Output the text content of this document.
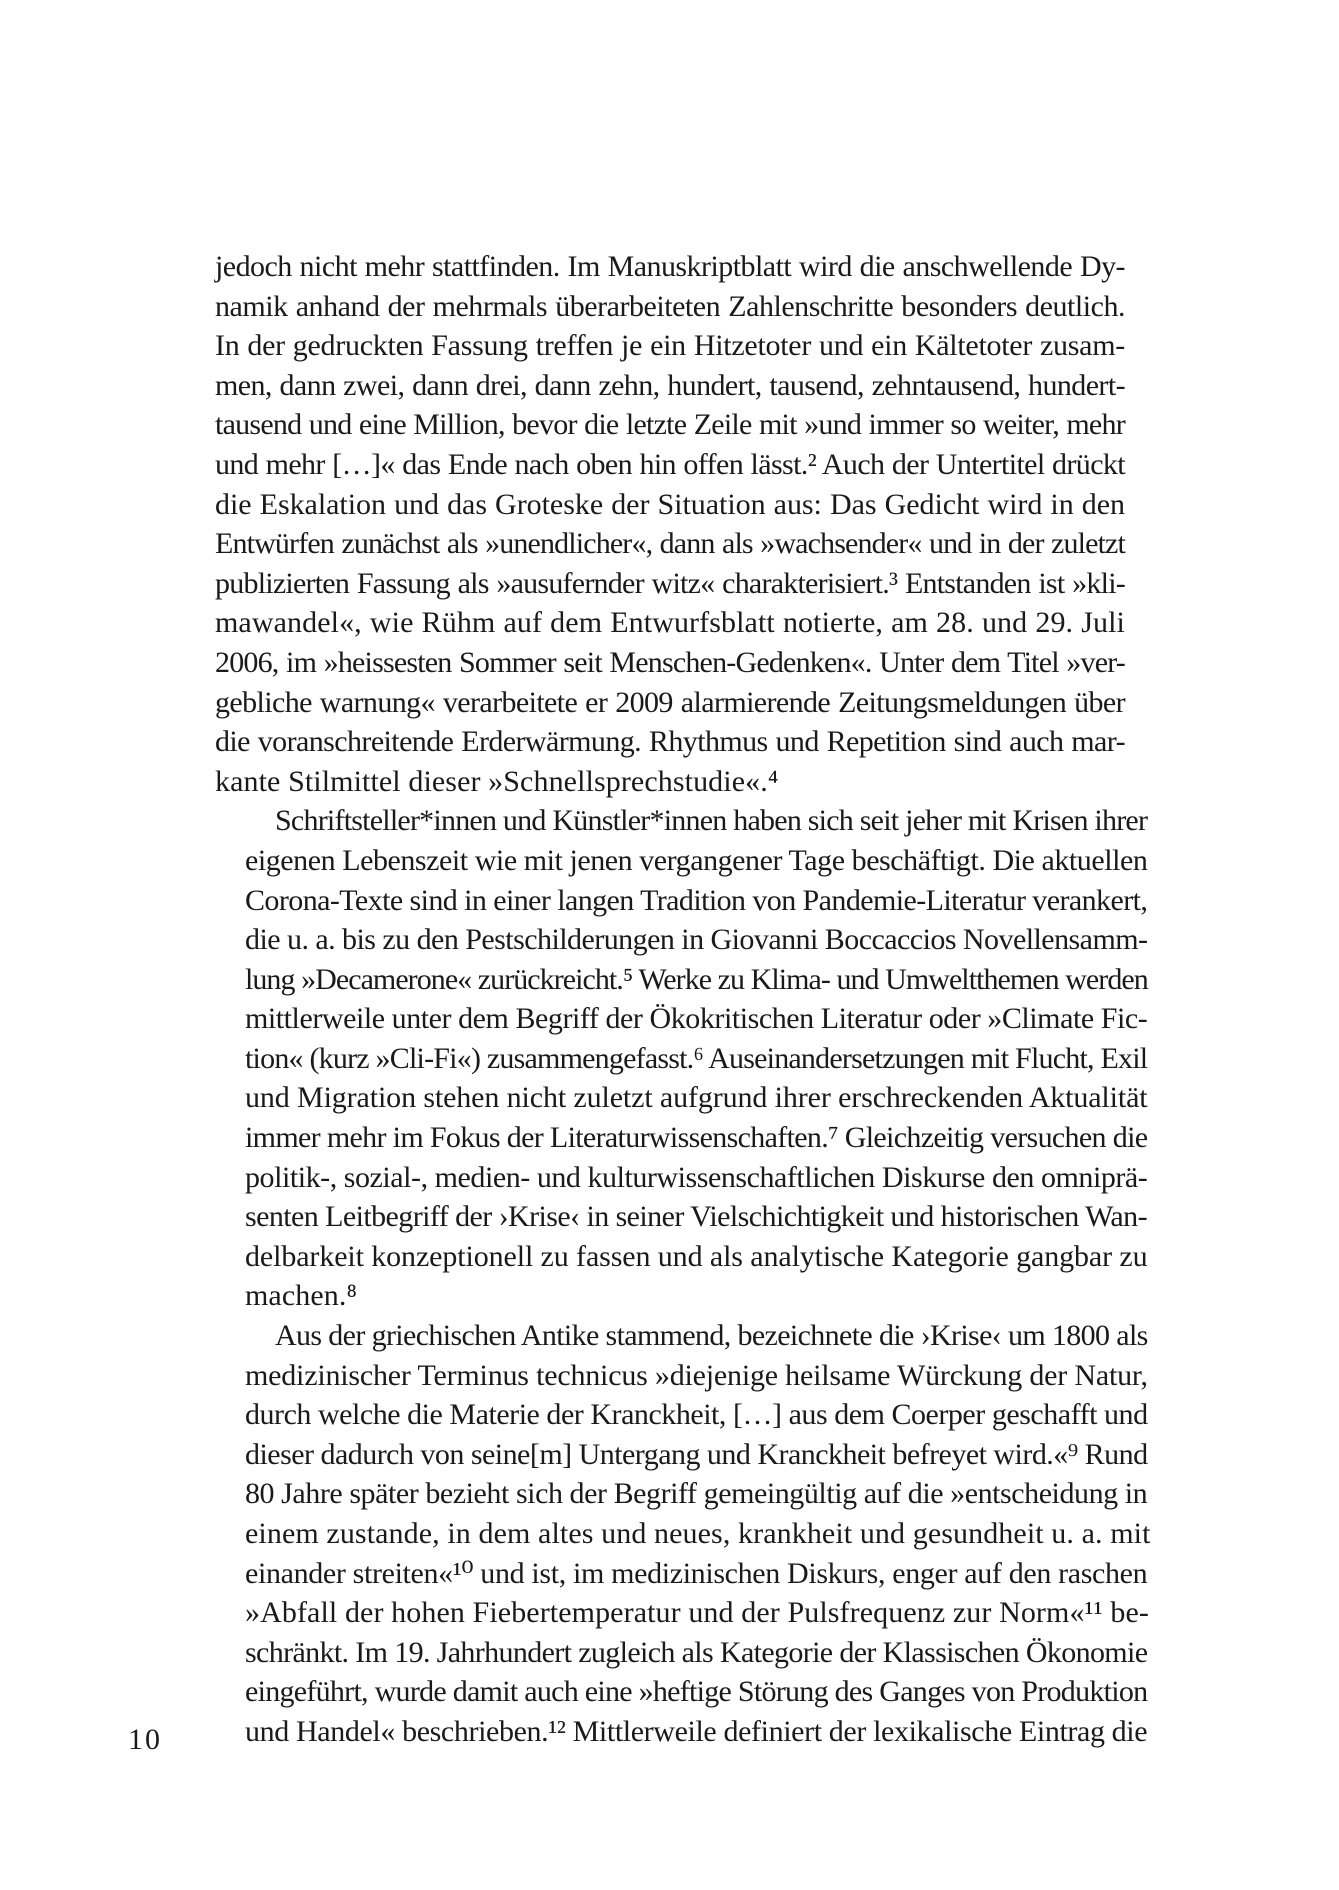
jedoch nicht mehr stattfinden. Im Manuskriptblatt wird die anschwellende Dy-
namik anhand der mehrmals überarbeiteten Zahlenschritte besonders deutlich.
In der gedruckten Fassung treffen je ein Hitzetoter und ein Kältetoter zusam-
men, dann zwei, dann drei, dann zehn, hundert, tausend, zehntausend, hundert-
tausend und eine Million, bevor die letzte Zeile mit »und immer so weiter, mehr
und mehr […]« das Ende nach oben hin offen lässt.² Auch der Untertitel drückt
die Eskalation und das Groteske der Situation aus: Das Gedicht wird in den
Entwürfen zunächst als »unendlicher«, dann als »wachsender« und in der zuletzt
publizierten Fassung als »ausufernder witz« charakterisiert.³ Entstanden ist »kli-
mawandel«, wie Rühm auf dem Entwurfsblatt notierte, am 28. und 29. Juli
2006, im »heissesten Sommer seit Menschen-Gedenken«. Unter dem Titel »ver-
gebliche warnung« verarbeitete er 2009 alarmierende Zeitungsmeldungen über
die voranschreitende Erderwärmung. Rhythmus und Repetition sind auch mar-
kante Stilmittel dieser »Schnellsprechstudie«.⁴
Schriftsteller*innen und Künstler*innen haben sich seit jeher mit Krisen ihrer
eigenen Lebenszeit wie mit jenen vergangener Tage beschäftigt. Die aktuellen
Corona-Texte sind in einer langen Tradition von Pandemie-Literatur verankert,
die u. a. bis zu den Pestschilderungen in Giovanni Boccaccios Novellensamm-
lung »Decamerone« zurückreicht.⁵ Werke zu Klima- und Umweltthemen werden
mittlerweile unter dem Begriff der Ökokritischen Literatur oder »Climate Fic-
tion« (kurz »Cli-Fi«) zusammengefasst.⁶ Auseinandersetzungen mit Flucht, Exil
und Migration stehen nicht zuletzt aufgrund ihrer erschreckenden Aktualität
immer mehr im Fokus der Literaturwissenschaften.⁷ Gleichzeitig versuchen die
politik-, sozial-, medien- und kulturwissenschaftlichen Diskurse den omniprä-
senten Leitbegriff der ›Krise‹ in seiner Vielschichtigkeit und historischen Wan-
delbarkeit konzeptionell zu fassen und als analytische Kategorie gangbar zu
machen.⁸
Aus der griechischen Antike stammend, bezeichnete die ›Krise‹ um 1800 als
medizinischer Terminus technicus »diejenige heilsame Würckung der Natur,
durch welche die Materie der Kranckheit, […] aus dem Coerper geschafft und
dieser dadurch von seine[m] Untergang und Kranckheit befreyet wird.«⁹ Rund
80 Jahre später bezieht sich der Begriff gemeingültig auf die »entscheidung in
einem zustande, in dem altes und neues, krankheit und gesundheit u. a. mit
einander streiten«¹⁰ und ist, im medizinischen Diskurs, enger auf den raschen
»Abfall der hohen Fiebertemperatur und der Pulsfrequenz zur Norm«¹¹ be-
schränkt. Im 19. Jahrhundert zugleich als Kategorie der Klassischen Ökonomie
eingeführt, wurde damit auch eine »heftige Störung des Ganges von Produktion
und Handel« beschrieben.¹² Mittlerweile definiert der lexikalische Eintrag die
10
